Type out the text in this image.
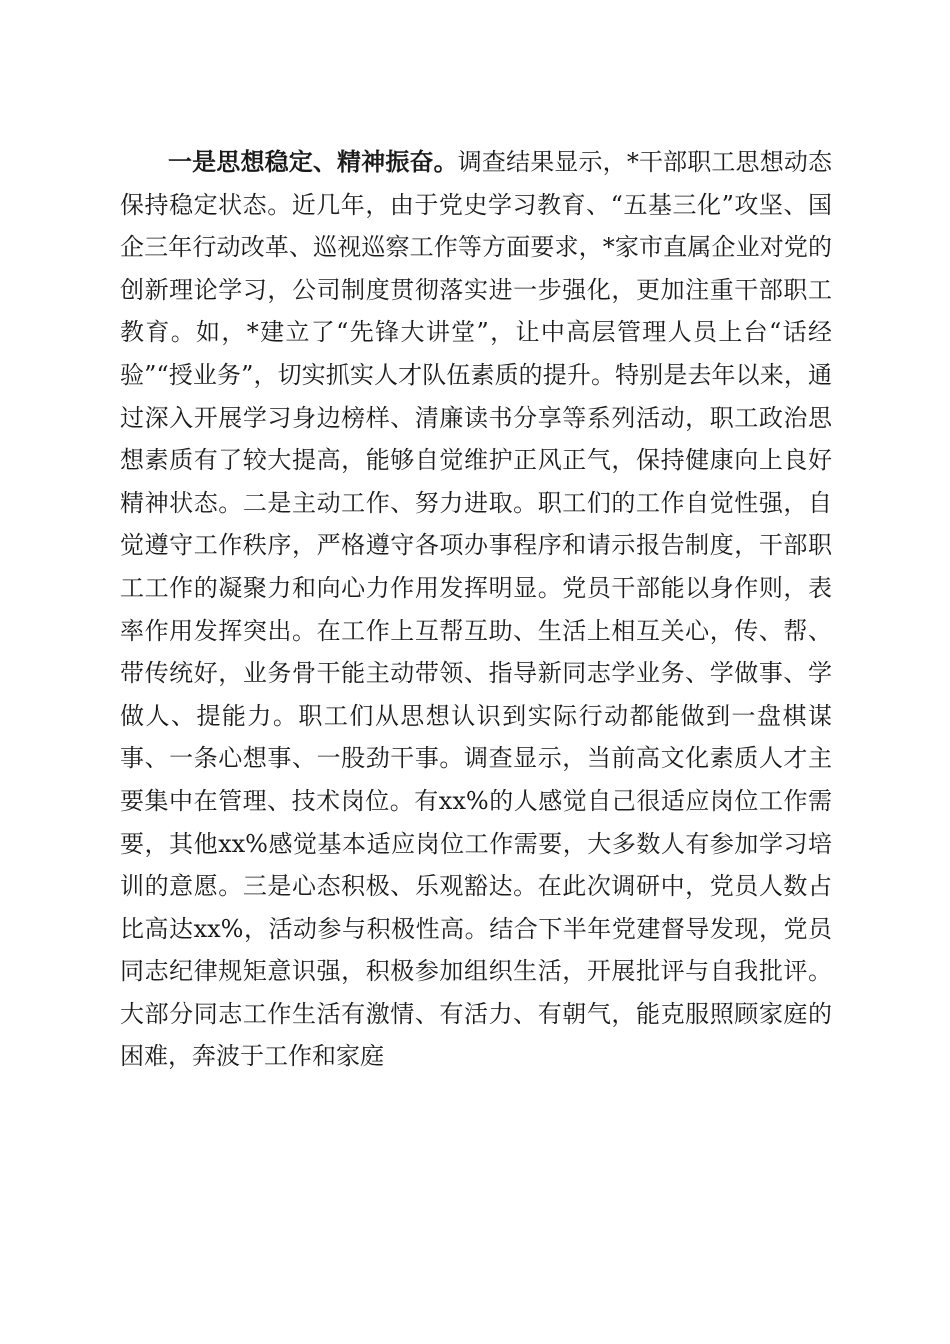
一是思想稳定、精神振奋。调查结果显示，*干部职工思想动态保持稳定状态。近几年，由于党史学习教育、“五基三化”攻坚、国企三年行动改革、巡视巡察工作等方面要求，*家市直属企业对党的创新理论学习，公司制度贯彻落实进一步强化，更加注重干部职工教育。如，*建立了“先锋大讲堂”，让中高层管理人员上台“话经验”“授业务”，切实抓实人才队伍素质的提升。特别是去年以来，通过深入开展学习身边榜样、清廉读书分享等系列活动，职工政治思想素质有了较大提高，能够自觉维护正风正气，保持健康向上良好精神状态。二是主动工作、努力进取。职工们的工作自觉性强，自觉遵守工作秩序，严格遵守各项办事程序和请示报告制度，干部职工工作的凝聚力和向心力作用发挥明显。党员干部能以身作则，表率作用发挥突出。在工作上互帮互助、生活上相互关心，传、帮、带传统好，业务骨干能主动带领、指导新同志学业务、学做事、学做人、提能力。职工们从思想认识到实际行动都能做到一盘棋谋事、一条心想事、一股劲干事。调查显示，当前高文化素质人才主要集中在管理、技术岗位。有xx%的人感觉自己很适应岗位工作需要，其他xx%感觉基本适应岗位工作需要，大多数人有参加学习培训的意愿。三是心态积极、乐观豁达。在此次调研中，党员人数占比高达xx%，活动参与积极性高。结合下半年党建督导发现，党员同志纪律规矩意识强，积极参加组织生活，开展批评与自我批评。大部分同志工作生活有激情、有活力、有朝气，能克服照顾家庭的困难，奔波于工作和家庭
